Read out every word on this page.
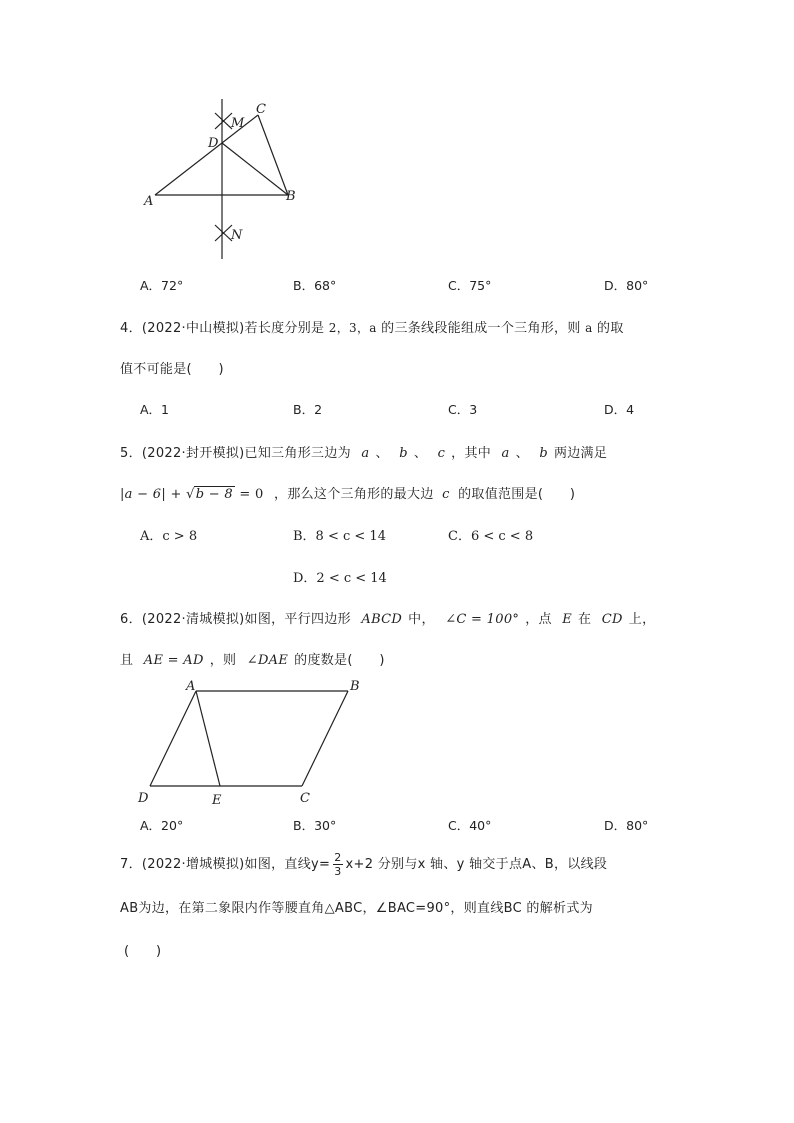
C
M
D
A	B
N
A．72°	B．68°	C．75°	D．80°
4．(2022·中山模拟)若长度分别是 2，3，a 的三条线段能组成一个三角形，则 a 的取
值不可能是(　　)
A．1	B．2	C．3	D．4
5．(2022·封开模拟)已知三角形三边为 a 、 b 、 c ，其中 a 、 b 两边满足
|a − 6| + √b − 8 = 0 ，那么这个三角形的最大边 c 的取值范围是(　　)
A．c > 8	B．8 < c < 14	C．6 < c < 8
D．2 < c < 14
6．(2022·清城模拟)如图，平行四边形 ABCD 中， ∠C = 100° ，点 E 在 CD 上，
且 AE = AD ，则 ∠DAE 的度数是(　　)
A	B
D	E	C
A．20°	B．30°	C．40°	D．80°
7．(2022·增城模拟)如图，直线$y= \frac{2}{3} x+2$ 分别与x 轴、y 轴交于点A、B，以线段
AB为边，在第二象限内作等腰直角△ABC，∠BAC=90°，则直线BC 的解析式为
(　　)
